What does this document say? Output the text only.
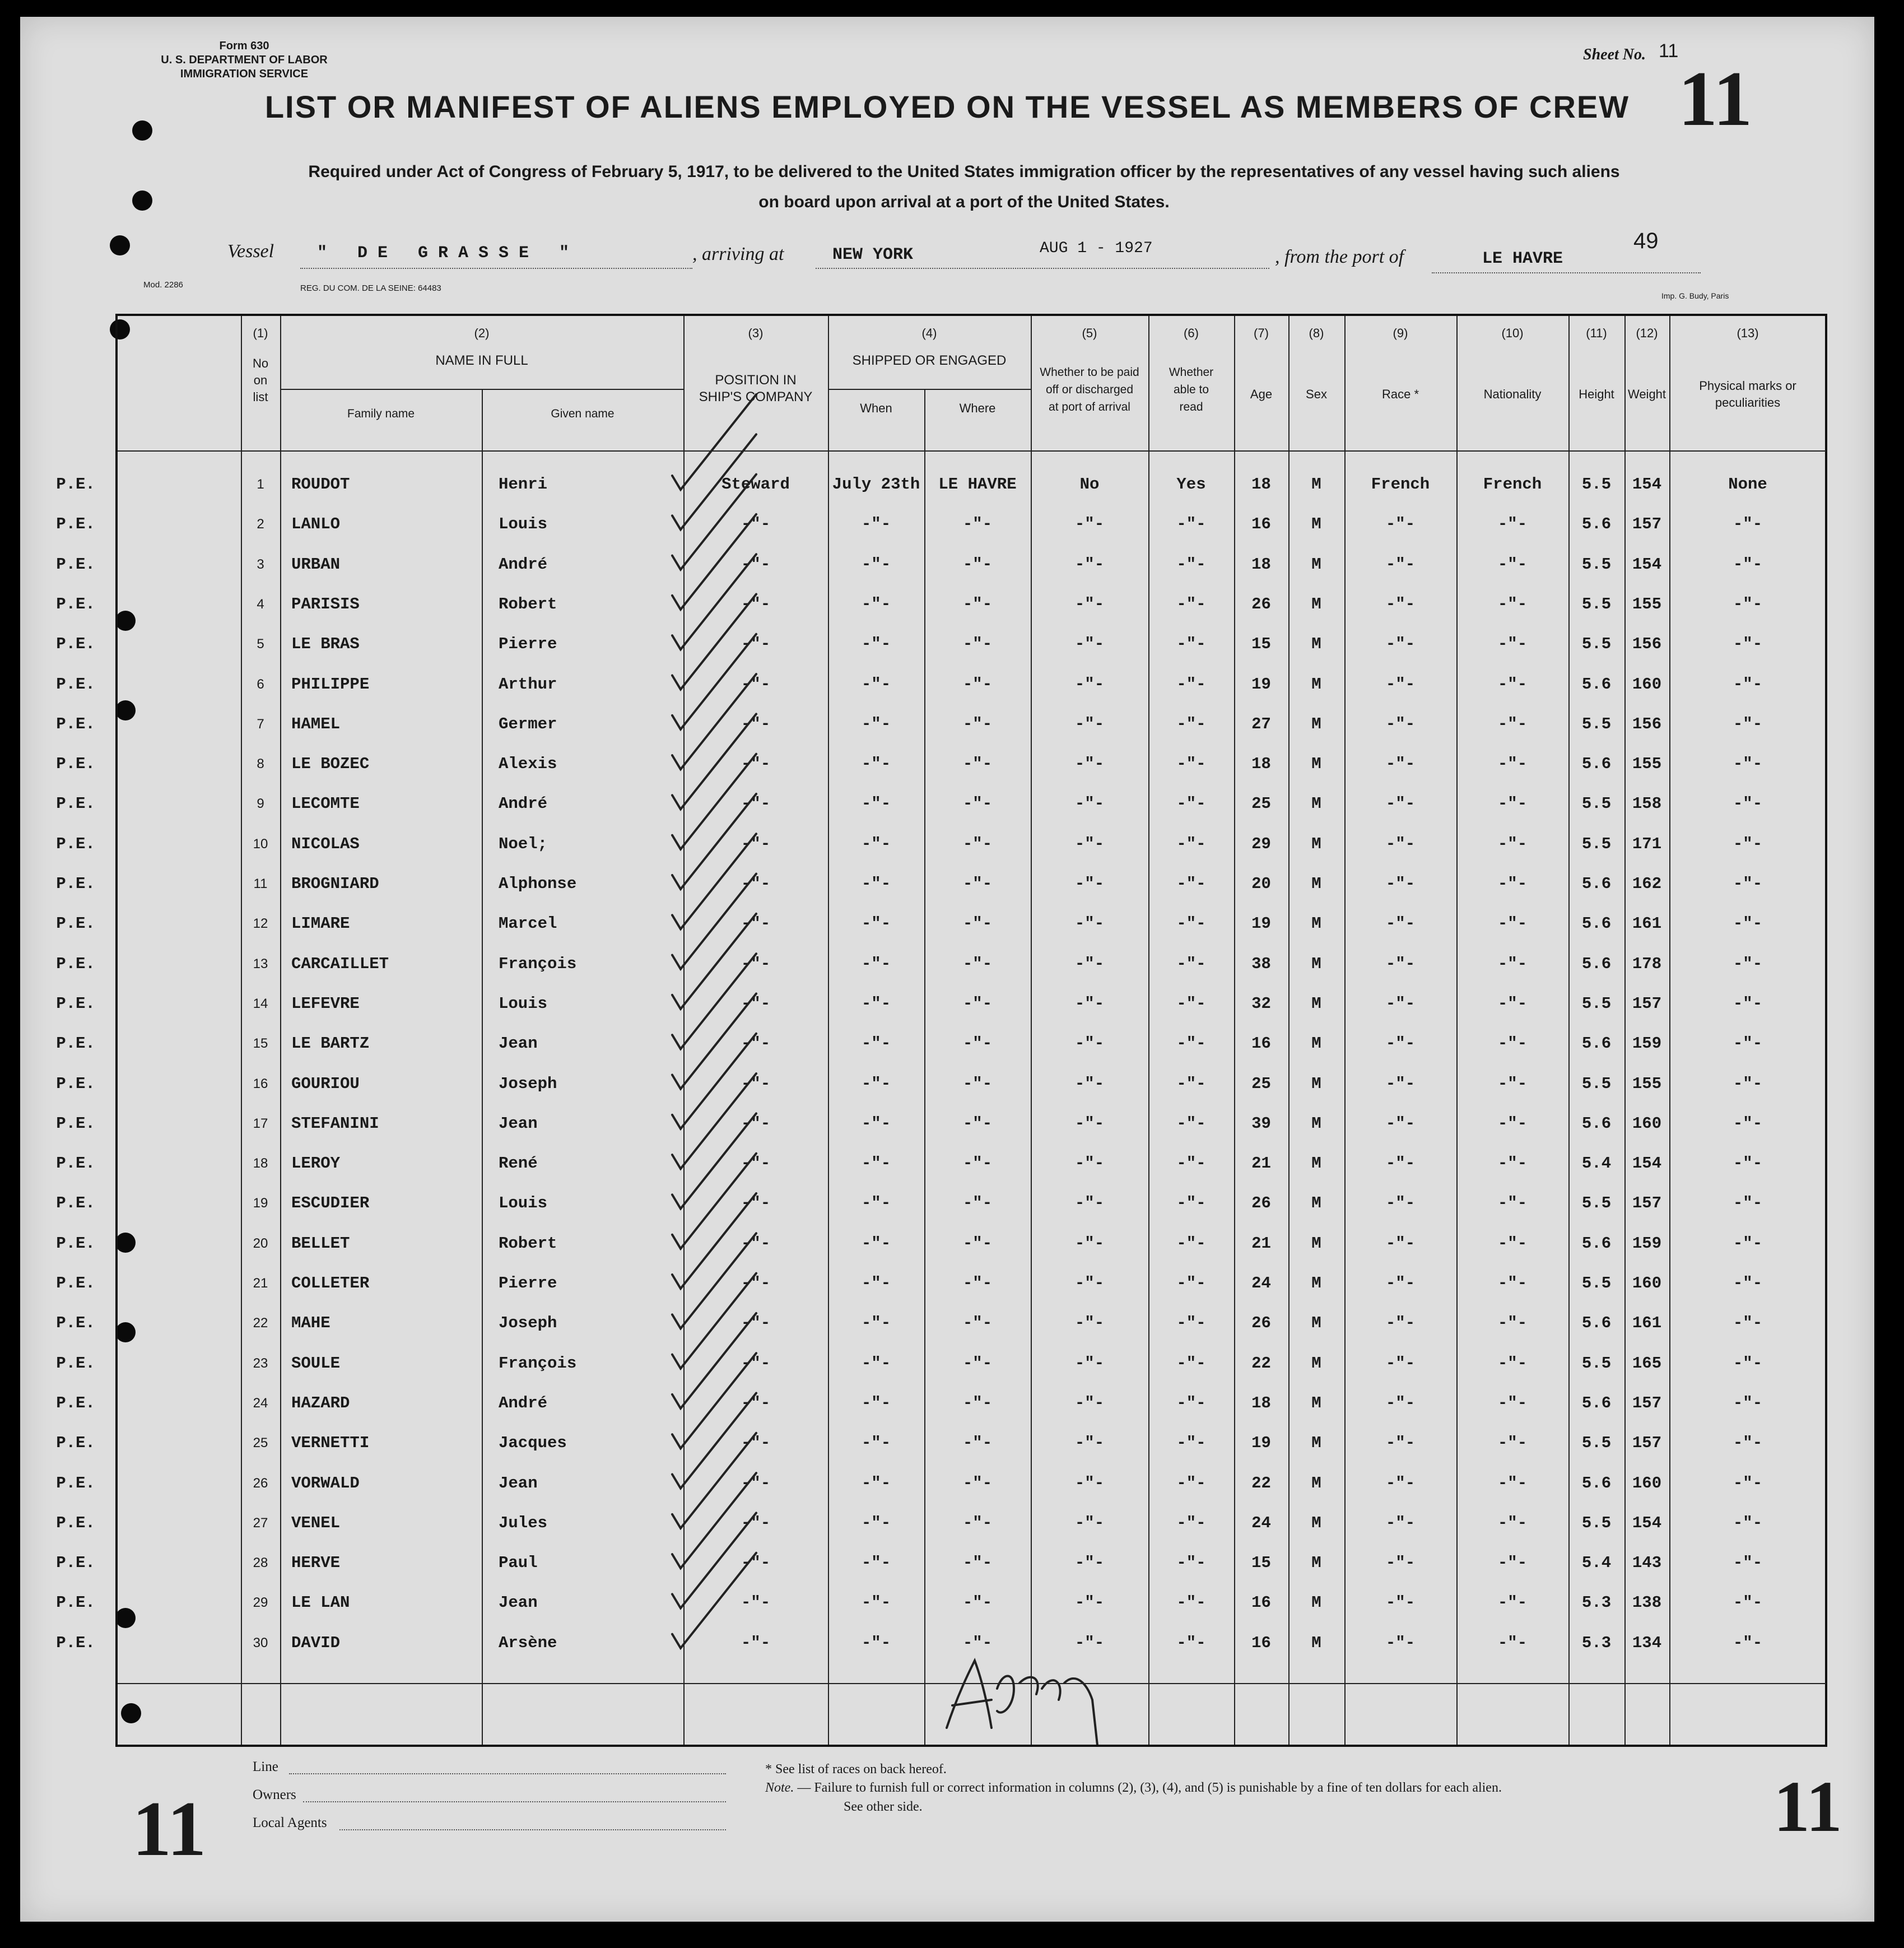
Form 630
U. S. DEPARTMENT OF LABOR
IMMIGRATION SERVICE
Sheet No. 11
11
LIST OR MANIFEST OF ALIENS EMPLOYED ON THE VESSEL AS MEMBERS OF CREW
Required under Act of Congress of February 5, 1917, to be delivered to the United States immigration officer by the representatives of any vessel having such aliens
on board upon arrival at a port of the United States.
Vessel	" DE GRASSE "	, arriving at	NEW YORK	AUG 1 - 1927	, from the port of	LE HAVRE
49
Mod. 2286	REG. DU COM. DE LA SEINE: 64483
Imp. G. Budy, Paris
(1)	(2)	(3)	(4)	(5)	(6)	(7)	(8)	(9)	(10)	(11)	(12)	(13)
No
on
list
NAME IN FULL
Family name	Given name
POSITION IN
SHIP'S COMPANY
SHIPPED OR ENGAGED
When	Where
Whether to be paid
off or discharged
at port of arrival
Whether
able to
read
Age	Sex	Race *	Nationality	Height	Weight
Physical marks or
peculiarities
P.E.	1	ROUDOT	Henri	Steward	July 23th	LE HAVRE	No	Yes	18	M	French	French	5.5	154	None
P.E.	2	LANLO	Louis	-"-	-"-	-"-	-"-	-"-	16	M	-"-	-"-	5.6	157	-"-
P.E.	3	URBAN	André	-"-	-"-	-"-	-"-	-"-	18	M	-"-	-"-	5.5	154	-"-
P.E.	4	PARISIS	Robert	-"-	-"-	-"-	-"-	-"-	26	M	-"-	-"-	5.5	155	-"-
P.E.	5	LE BRAS	Pierre	-"-	-"-	-"-	-"-	-"-	15	M	-"-	-"-	5.5	156	-"-
P.E.	6	PHILIPPE	Arthur	-"-	-"-	-"-	-"-	-"-	19	M	-"-	-"-	5.6	160	-"-
P.E.	7	HAMEL	Germer	-"-	-"-	-"-	-"-	-"-	27	M	-"-	-"-	5.5	156	-"-
P.E.	8	LE BOZEC	Alexis	-"-	-"-	-"-	-"-	-"-	18	M	-"-	-"-	5.6	155	-"-
P.E.	9	LECOMTE	André	-"-	-"-	-"-	-"-	-"-	25	M	-"-	-"-	5.5	158	-"-
P.E.	10	NICOLAS	Noel;	-"-	-"-	-"-	-"-	-"-	29	M	-"-	-"-	5.5	171	-"-
P.E.	11	BROGNIARD	Alphonse	-"-	-"-	-"-	-"-	-"-	20	M	-"-	-"-	5.6	162	-"-
P.E.	12	LIMARE	Marcel	-"-	-"-	-"-	-"-	-"-	19	M	-"-	-"-	5.6	161	-"-
P.E.	13	CARCAILLET	François	-"-	-"-	-"-	-"-	-"-	38	M	-"-	-"-	5.6	178	-"-
P.E.	14	LEFEVRE	Louis	-"-	-"-	-"-	-"-	-"-	32	M	-"-	-"-	5.5	157	-"-
P.E.	15	LE BARTZ	Jean	-"-	-"-	-"-	-"-	-"-	16	M	-"-	-"-	5.6	159	-"-
P.E.	16	GOURIOU	Joseph	-"-	-"-	-"-	-"-	-"-	25	M	-"-	-"-	5.5	155	-"-
P.E.	17	STEFANINI	Jean	-"-	-"-	-"-	-"-	-"-	39	M	-"-	-"-	5.6	160	-"-
P.E.	18	LEROY	René	-"-	-"-	-"-	-"-	-"-	21	M	-"-	-"-	5.4	154	-"-
P.E.	19	ESCUDIER	Louis	-"-	-"-	-"-	-"-	-"-	26	M	-"-	-"-	5.5	157	-"-
P.E.	20	BELLET	Robert	-"-	-"-	-"-	-"-	-"-	21	M	-"-	-"-	5.6	159	-"-
P.E.	21	COLLETER	Pierre	-"-	-"-	-"-	-"-	-"-	24	M	-"-	-"-	5.5	160	-"-
P.E.	22	MAHE	Joseph	-"-	-"-	-"-	-"-	-"-	26	M	-"-	-"-	5.6	161	-"-
P.E.	23	SOULE	François	-"-	-"-	-"-	-"-	-"-	22	M	-"-	-"-	5.5	165	-"-
P.E.	24	HAZARD	André	-"-	-"-	-"-	-"-	-"-	18	M	-"-	-"-	5.6	157	-"-
P.E.	25	VERNETTI	Jacques	-"-	-"-	-"-	-"-	-"-	19	M	-"-	-"-	5.5	157	-"-
P.E.	26	VORWALD	Jean	-"-	-"-	-"-	-"-	-"-	22	M	-"-	-"-	5.6	160	-"-
P.E.	27	VENEL	Jules	-"-	-"-	-"-	-"-	-"-	24	M	-"-	-"-	5.5	154	-"-
P.E.	28	HERVE	Paul	-"-	-"-	-"-	-"-	-"-	15	M	-"-	-"-	5.4	143	-"-
P.E.	29	LE LAN	Jean	-"-	-"-	-"-	-"-	-"-	16	M	-"-	-"-	5.3	138	-"-
P.E.	30	DAVID	Arsène	-"-	-"-	-"-	-"-	-"-	16	M	-"-	-"-	5.3	134	-"-
Line
Owners
Local Agents
* See list of races on back hereof.
Note. — Failure to furnish full or correct information in columns (2), (3), (4), and (5) is punishable by a fine of ten dollars for each alien.
See other side.
11	11
